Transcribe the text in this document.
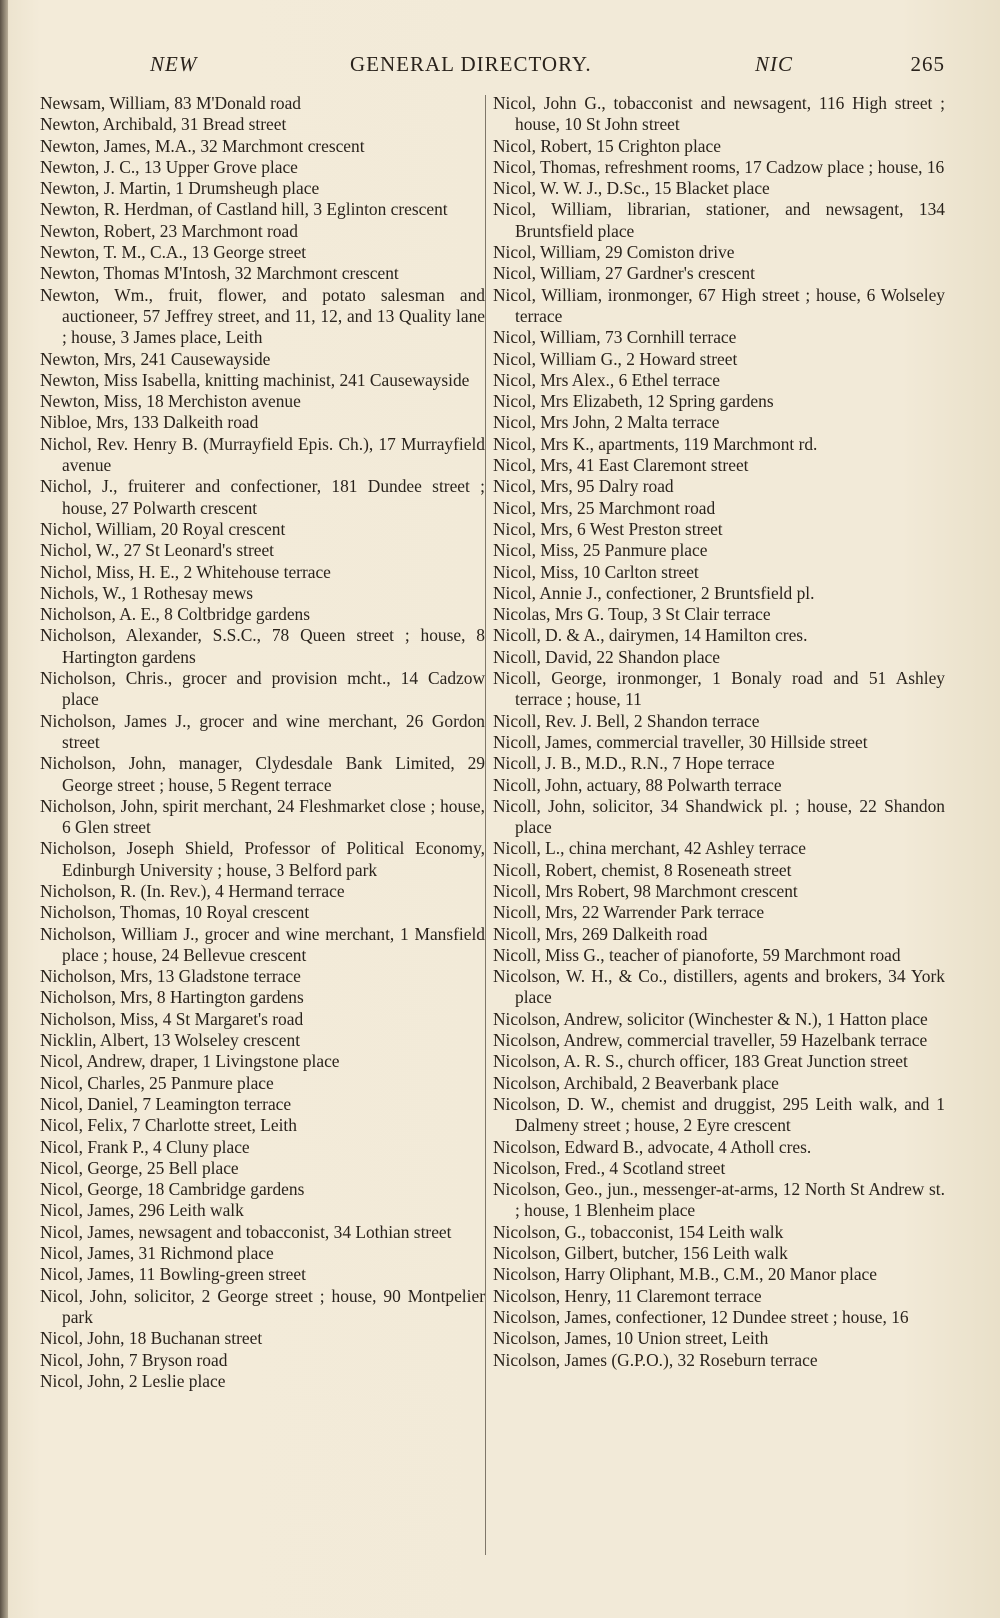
NEW	GENERAL DIRECTORY.	NIC	265
Newsam, William, 83 M'Donald road
Newton, Archibald, 31 Bread street
Newton, James, M.A., 32 Marchmont crescent
Newton, J. C., 13 Upper Grove place
Newton, J. Martin, 1 Drumsheugh place
Newton, R. Herdman, of Castland hill, 3 Eglinton crescent
Newton, Robert, 23 Marchmont road
Newton, T. M., C.A., 13 George street
Newton, Thomas M'Intosh, 32 Marchmont crescent
Newton, Wm., fruit, flower, and potato salesman and auctioneer, 57 Jeffrey street, and 11, 12, and 13 Quality lane ; house, 3 James place, Leith
Newton, Mrs, 241 Causewayside
Newton, Miss Isabella, knitting machinist, 241 Causewayside
Newton, Miss, 18 Merchiston avenue
Nibloe, Mrs, 133 Dalkeith road
Nichol, Rev. Henry B. (Murrayfield Epis. Ch.), 17 Murrayfield avenue
Nichol, J., fruiterer and confectioner, 181 Dundee street ; house, 27 Polwarth crescent
Nichol, William, 20 Royal crescent
Nichol, W., 27 St Leonard's street
Nichol, Miss, H. E., 2 Whitehouse terrace
Nichols, W., 1 Rothesay mews
Nicholson, A. E., 8 Coltbridge gardens
Nicholson, Alexander, S.S.C., 78 Queen street ; house, 8 Hartington gardens
Nicholson, Chris., grocer and provision mcht., 14 Cadzow place
Nicholson, James J., grocer and wine merchant, 26 Gordon street
Nicholson, John, manager, Clydesdale Bank Limited, 29 George street ; house, 5 Regent terrace
Nicholson, John, spirit merchant, 24 Fleshmarket close ; house, 6 Glen street
Nicholson, Joseph Shield, Professor of Political Economy, Edinburgh University ; house, 3 Belford park
Nicholson, R. (In. Rev.), 4 Hermand terrace
Nicholson, Thomas, 10 Royal crescent
Nicholson, William J., grocer and wine merchant, 1 Mansfield place ; house, 24 Bellevue crescent
Nicholson, Mrs, 13 Gladstone terrace
Nicholson, Mrs, 8 Hartington gardens
Nicholson, Miss, 4 St Margaret's road
Nicklin, Albert, 13 Wolseley crescent
Nicol, Andrew, draper, 1 Livingstone place
Nicol, Charles, 25 Panmure place
Nicol, Daniel, 7 Leamington terrace
Nicol, Felix, 7 Charlotte street, Leith
Nicol, Frank P., 4 Cluny place
Nicol, George, 25 Bell place
Nicol, George, 18 Cambridge gardens
Nicol, James, 296 Leith walk
Nicol, James, newsagent and tobacconist, 34 Lothian street
Nicol, James, 31 Richmond place
Nicol, James, 11 Bowling-green street
Nicol, John, solicitor, 2 George street ; house, 90 Montpelier park
Nicol, John, 18 Buchanan street
Nicol, John, 7 Bryson road
Nicol, John, 2 Leslie place
Nicol, John G., tobacconist and newsagent, 116 High street ; house, 10 St John street
Nicol, Robert, 15 Crighton place
Nicol, Thomas, refreshment rooms, 17 Cadzow place ; house, 16
Nicol, W. W. J., D.Sc., 15 Blacket place
Nicol, William, librarian, stationer, and newsagent, 134 Bruntsfield place
Nicol, William, 29 Comiston drive
Nicol, William, 27 Gardner's crescent
Nicol, William, ironmonger, 67 High street ; house, 6 Wolseley terrace
Nicol, William, 73 Cornhill terrace
Nicol, William G., 2 Howard street
Nicol, Mrs Alex., 6 Ethel terrace
Nicol, Mrs Elizabeth, 12 Spring gardens
Nicol, Mrs John, 2 Malta terrace
Nicol, Mrs K., apartments, 119 Marchmont rd.
Nicol, Mrs, 41 East Claremont street
Nicol, Mrs, 95 Dalry road
Nicol, Mrs, 25 Marchmont road
Nicol, Mrs, 6 West Preston street
Nicol, Miss, 25 Panmure place
Nicol, Miss, 10 Carlton street
Nicol, Annie J., confectioner, 2 Bruntsfield pl.
Nicolas, Mrs G. Toup, 3 St Clair terrace
Nicoll, D. & A., dairymen, 14 Hamilton cres.
Nicoll, David, 22 Shandon place
Nicoll, George, ironmonger, 1 Bonaly road and 51 Ashley terrace ; house, 11
Nicoll, Rev. J. Bell, 2 Shandon terrace
Nicoll, James, commercial traveller, 30 Hillside street
Nicoll, J. B., M.D., R.N., 7 Hope terrace
Nicoll, John, actuary, 88 Polwarth terrace
Nicoll, John, solicitor, 34 Shandwick pl. ; house, 22 Shandon place
Nicoll, L., china merchant, 42 Ashley terrace
Nicoll, Robert, chemist, 8 Roseneath street
Nicoll, Mrs Robert, 98 Marchmont crescent
Nicoll, Mrs, 22 Warrender Park terrace
Nicoll, Mrs, 269 Dalkeith road
Nicoll, Miss G., teacher of pianoforte, 59 Marchmont road
Nicolson, W. H., & Co., distillers, agents and brokers, 34 York place
Nicolson, Andrew, solicitor (Winchester & N.), 1 Hatton place
Nicolson, Andrew, commercial traveller, 59 Hazelbank terrace
Nicolson, A. R. S., church officer, 183 Great Junction street
Nicolson, Archibald, 2 Beaverbank place
Nicolson, D. W., chemist and druggist, 295 Leith walk, and 1 Dalmeny street ; house, 2 Eyre crescent
Nicolson, Edward B., advocate, 4 Atholl cres.
Nicolson, Fred., 4 Scotland street
Nicolson, Geo., jun., messenger-at-arms, 12 North St Andrew st. ; house, 1 Blenheim place
Nicolson, G., tobacconist, 154 Leith walk
Nicolson, Gilbert, butcher, 156 Leith walk
Nicolson, Harry Oliphant, M.B., C.M., 20 Manor place
Nicolson, Henry, 11 Claremont terrace
Nicolson, James, confectioner, 12 Dundee street ; house, 16
Nicolson, James, 10 Union street, Leith
Nicolson, James (G.P.O.), 32 Roseburn terrace
